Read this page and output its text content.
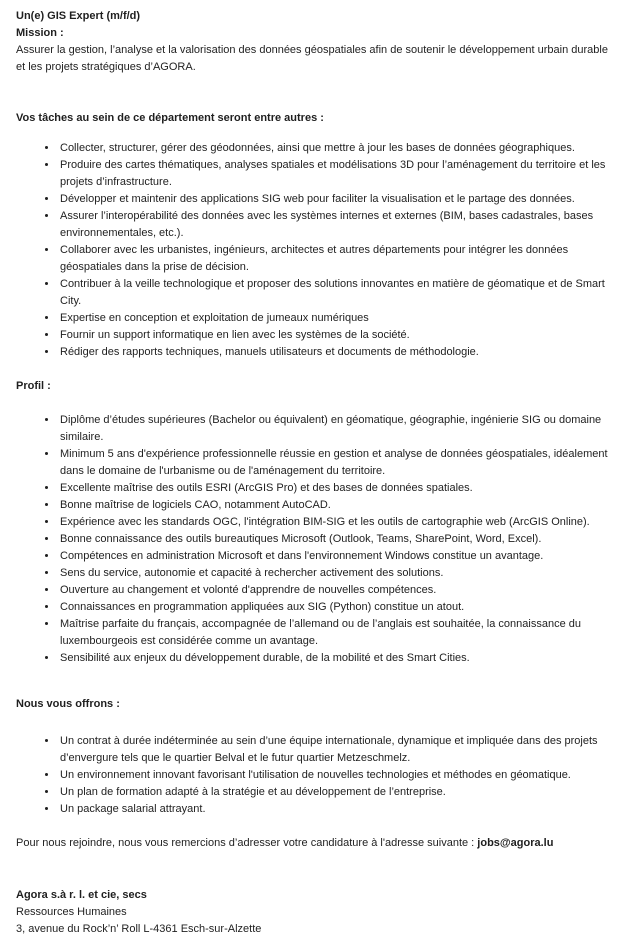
Un(e) GIS Expert (m/f/d)

Mission :

Assurer la gestion, l’analyse et la valorisation des données géospatiales afin de soutenir le développement urbain durable et les projets stratégiques d’AGORA.

Vos tâches au sein de ce département seront entre autres :

• Collecter, structurer, gérer des géodonnées, ainsi que mettre à jour les bases de données géographiques.
• Produire des cartes thématiques, analyses spatiales et modélisations 3D pour l’aménagement du territoire et les projets d’infrastructure.
• Développer et maintenir des applications SIG web pour faciliter la visualisation et le partage des données.
• Assurer l’interopérabilité des données avec les systèmes internes et externes (BIM, bases cadastrales, bases environnementales, etc.).
• Collaborer avec les urbanistes, ingénieurs, architectes et autres départements pour intégrer les données géospatiales dans la prise de décision.
• Contribuer à la veille technologique et proposer des solutions innovantes en matière de géomatique et de Smart City.
• Expertise en conception et exploitation de jumeaux numériques
• Fournir un support informatique en lien avec les systèmes de la société.
• Rédiger des rapports techniques, manuels utilisateurs et documents de méthodologie.

Profil :

• Diplôme d’études supérieures (Bachelor ou équivalent) en géomatique, géographie, ingénierie SIG ou domaine similaire.
• Minimum 5 ans d'expérience professionnelle réussie en gestion et analyse de données géospatiales, idéalement dans le domaine de l'urbanisme ou de l'aménagement du territoire.
• Excellente maîtrise des outils ESRI (ArcGIS Pro) et des bases de données spatiales.
• Bonne maîtrise de logiciels CAO, notamment AutoCAD.
• Expérience avec les standards OGC, l'intégration BIM-SIG et les outils de cartographie web (ArcGIS Online).
• Bonne connaissance des outils bureautiques Microsoft (Outlook, Teams, SharePoint, Word, Excel).
• Compétences en administration Microsoft et dans l'environnement Windows constitue un avantage.
• Sens du service, autonomie et capacité à rechercher activement des solutions.
• Ouverture au changement et volonté d'apprendre de nouvelles compétences.
• Connaissances en programmation appliquées aux SIG (Python) constitue un atout.
• Maîtrise parfaite du français, accompagnée de l’allemand ou de l’anglais est souhaitée, la connaissance du luxembourgeois est considérée comme un avantage.
• Sensibilité aux enjeux du développement durable, de la mobilité et des Smart Cities.

Nous vous offrons :

• Un contrat à durée indéterminée au sein d’une équipe internationale, dynamique et impliquée dans des projets d’envergure tels que le quartier Belval et le futur quartier Metzeschmelz.
• Un environnement innovant favorisant l'utilisation de nouvelles technologies et méthodes en géomatique.
• Un plan de formation adapté à la stratégie et au développement de l’entreprise.
• Un package salarial attrayant.

Pour nous rejoindre, nous vous remercions d’adresser votre candidature à l'adresse suivante : jobs@agora.lu

Agora s.à r. l. et cie, secs

Ressources Humaines

3, avenue du Rock’n’ Roll L-4361 Esch-sur-Alzette
